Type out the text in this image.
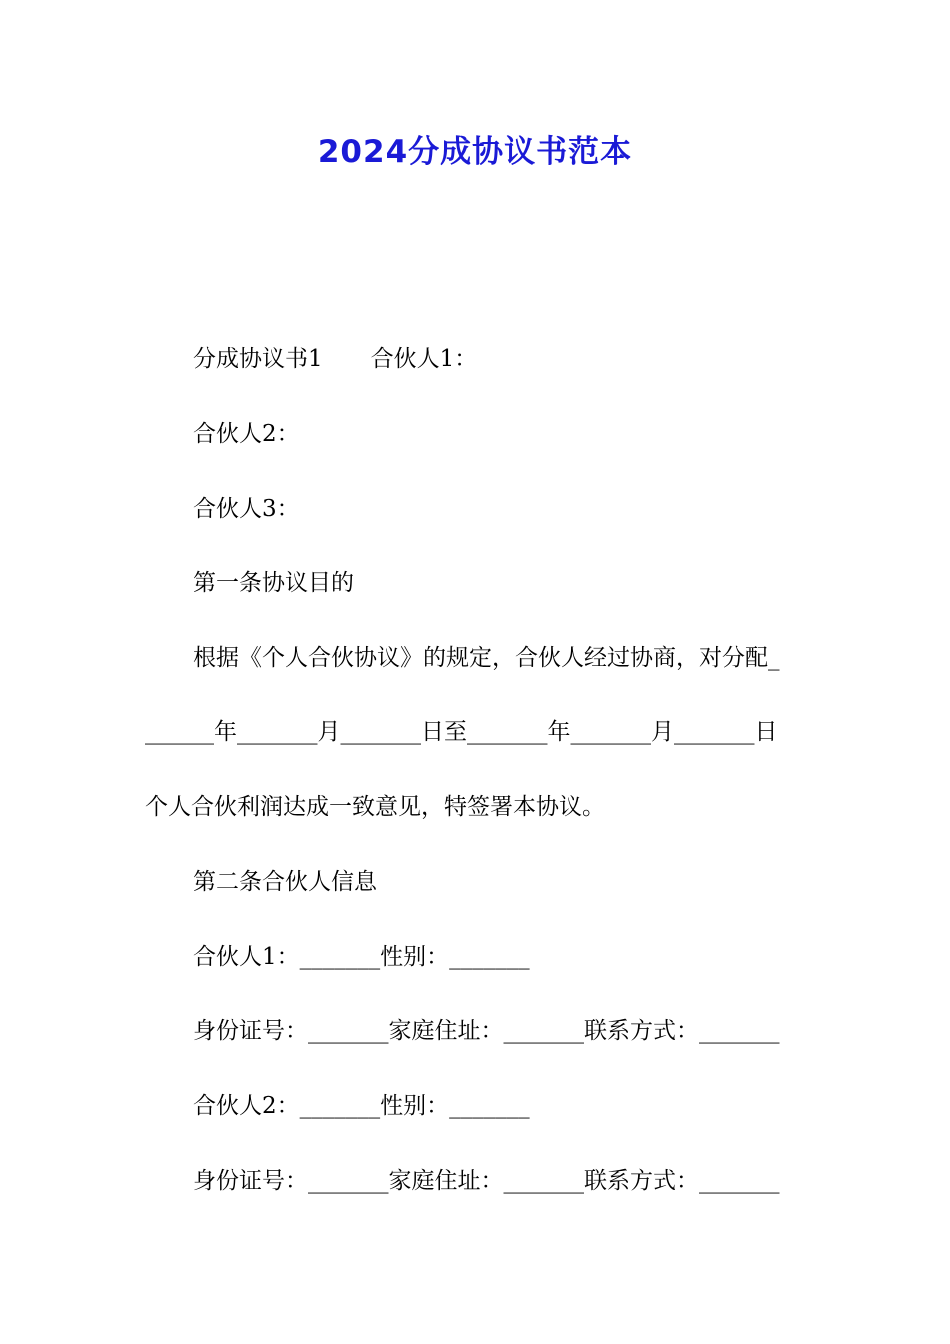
2024分成协议书范本

分成协议书1 合伙人1：

合伙人2：

合伙人3：

第一条协议目的

根据《个人合伙协议》的规定，合伙人经过协商，对分配_

______年_______月_______日至_______年_______月_______日

个人合伙利润达成一致意见，特签署本协议。

第二条合伙人信息

合伙人1：_______性别：_______

身份证号：_______家庭住址：_______联系方式：_______

合伙人2：_______性别：_______

身份证号：_______家庭住址：_______联系方式：_______
